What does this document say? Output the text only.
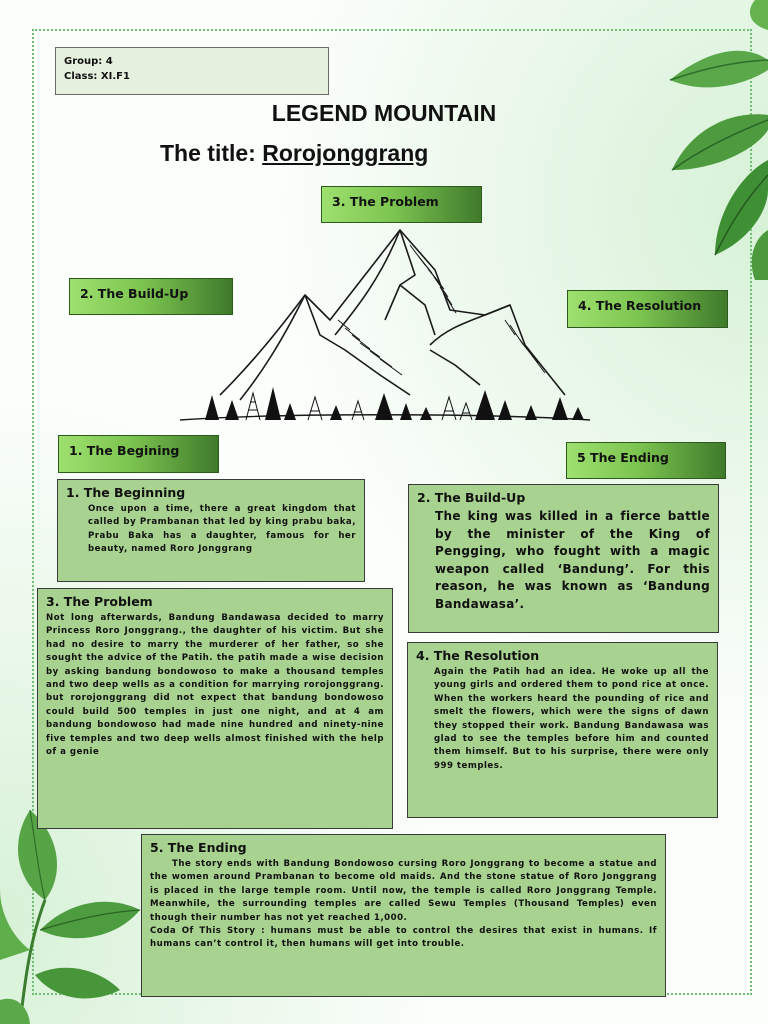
Group: 4
Class: XI.F1
LEGEND MOUNTAIN
The title: Rorojonggrang
3. The Problem
2. The Build-Up
4. The Resolution
1. The Begining	5 The Ending
1. The Beginning

Once upon a time, there a great kingdom that called by Prambanan that led by king prabu baka, Prabu Baka has a daughter, famous for her beauty, named Roro Jonggrang

2. The Build-Up

The king was killed in a fierce battle by the minister of the King of Pengging, who fought with a magic weapon called ‘Bandung’. For this reason, he was known as ‘Bandung Bandawasa’.

3. The Problem

Not long afterwards, Bandung Bandawasa decided to marry Princess Roro Jonggrang., the daughter of his victim. But she had no desire to marry the murderer of her father, so she sought the advice of the Patih. the patih made a wise decision by asking bandung bondowoso to make a thousand temples and two deep wells as a condition for marrying rorojonggrang. but rorojonggrang did not expect that bandung bondowoso could build 500 temples in just one night, and at 4 am bandung bondowoso had made nine hundred and ninety-nine five temples and two deep wells almost finished with the help of a genie

4. The Resolution

Again the Patih had an idea. He woke up all the young girls and ordered them to pond rice at once. When the workers heard the pounding of rice and smelt the flowers, which were the signs of dawn they stopped their work. Bandung Bandawasa was glad to see the temples before him and counted them himself. But to his surprise, there were only 999 temples.

5. The Ending

The story ends with Bandung Bondowoso cursing Roro Jonggrang to become a statue and the women around Prambanan to become old maids. And the stone statue of Roro Jonggrang is placed in the large temple room. Until now, the temple is called Roro Jonggrang Temple. Meanwhile, the surrounding temples are called Sewu Temples (Thousand Temples) even though their number has not yet reached 1,000.

Coda Of This Story : humans must be able to control the desires that exist in humans. If humans can’t control it, then humans will get into trouble.
